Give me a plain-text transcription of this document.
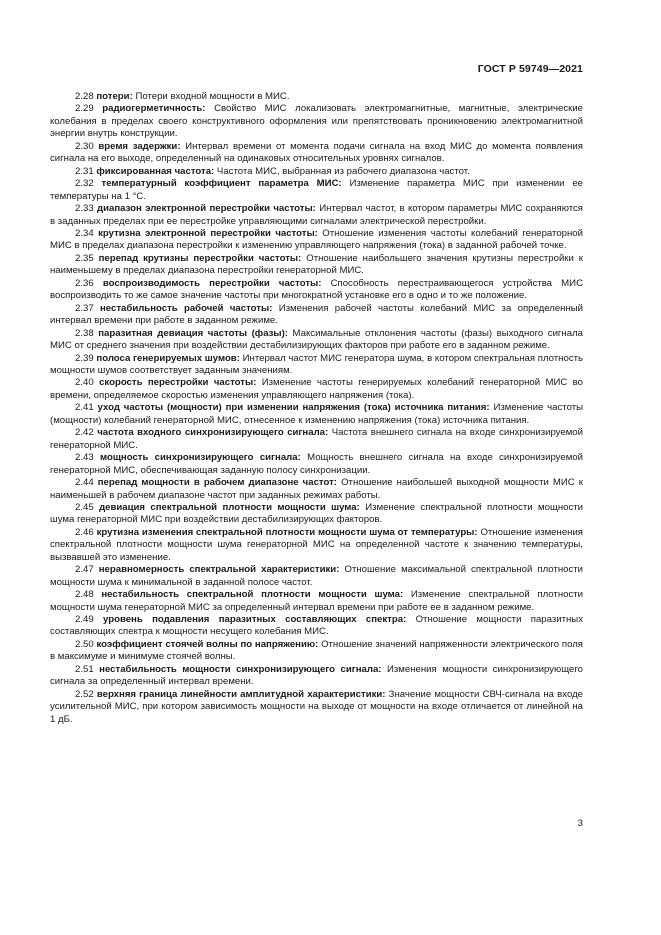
ГОСТ Р 59749—2021

2.28 потери: Потери входной мощности в МИС.

2.29 радиогерметичность: Свойство МИС локализовать электромагнитные, магнитные, электрические колебания в пределах своего конструктивного оформления или препятствовать проникновению электромагнитной энергии внутрь конструкции.

2.30 время задержки: Интервал времени от момента подачи сигнала на вход МИС до момента появления сигнала на его выходе, определенный на одинаковых относительных уровнях сигналов.

2.31 фиксированная частота: Частота МИС, выбранная из рабочего диапазона частот.

2.32 температурный коэффициент параметра МИС: Изменение параметра МИС при изменении ее температуры на 1 °С.

2.33 диапазон электронной перестройки частоты: Интервал частот, в котором параметры МИС сохраняются в заданных пределах при ее перестройке управляющими сигналами электрической перестройки.

2.34 крутизна электронной перестройки частоты: Отношение изменения частоты колебаний генераторной МИС в пределах диапазона перестройки к изменению управляющего напряжения (тока) в заданной рабочей точке.

2.35 перепад крутизны перестройки частоты: Отношение наибольшего значения крутизны перестройки к наименьшему в пределах диапазона перестройки генераторной МИС.

2.36 воспроизводимость перестройки частоты: Способность перестраивающегося устройства МИС воспроизводить то же самое значение частоты при многократной установке его в одно и то же положение.

2.37 нестабильность рабочей частоты: Изменения рабочей частоты колебаний МИС за определенный интервал времени при работе в заданном режиме.

2.38 паразитная девиация частоты (фазы): Максимальные отклонения частоты (фазы) выходного сигнала МИС от среднего значения при воздействии дестабилизирующих факторов при работе его в заданном режиме.

2.39 полоса генерируемых шумов: Интервал частот МИС генератора шума, в котором спектральная плотность мощности шумов соответствует заданным значениям.

2.40 скорость перестройки частоты: Изменение частоты генерируемых колебаний генераторной МИС во времени, определяемое скоростью изменения управляющего напряжения (тока).

2.41 уход частоты (мощности) при изменении напряжения (тока) источника питания: Изменение частоты (мощности) колебаний генераторной МИС, отнесенное к изменению напряжения (тока) источника питания.

2.42 частота входного синхронизирующего сигнала: Частота внешнего сигнала на входе синхронизируемой генераторной МИС.

2.43 мощность синхронизирующего сигнала: Мощность внешнего сигнала на входе синхронизируемой генераторной МИС, обеспечивающая заданную полосу синхронизации.

2.44 перепад мощности в рабочем диапазоне частот: Отношение наибольшей выходной мощности МИС к наименьшей в рабочем диапазоне частот при заданных режимах работы.

2.45 девиация спектральной плотности мощности шума: Изменение спектральной плотности мощности шума генераторной МИС при воздействии дестабилизирующих факторов.

2.46 крутизна изменения спектральной плотности мощности шума от температуры: Отношение изменения спектральной плотности мощности шума генераторной МИС на определенной частоте к значению температуры, вызвавшей это изменение.

2.47 неравномерность спектральной характеристики: Отношение максимальной спектральной плотности мощности шума к минимальной в заданной полосе частот.

2.48 нестабильность спектральной плотности мощности шума: Изменение спектральной плотности мощности шума генераторной МИС за определенный интервал времени при работе ее в заданном режиме.

2.49 уровень подавления паразитных составляющих спектра: Отношение мощности паразитных составляющих спектра к мощности несущего колебания МИС.

2.50 коэффициент стоячей волны по напряжению: Отношение значений напряженности электрического поля в максимуме и минимуме стоячей волны.

2.51 нестабильность мощности синхронизирующего сигнала: Изменения мощности синхронизирующего сигнала за определенный интервал времени.

2.52 верхняя граница линейности амплитудной характеристики: Значение мощности СВЧ-сигнала на входе усилительной МИС, при котором зависимость мощности на выходе от мощности на входе отличается от линейной на 1 дБ.

3
